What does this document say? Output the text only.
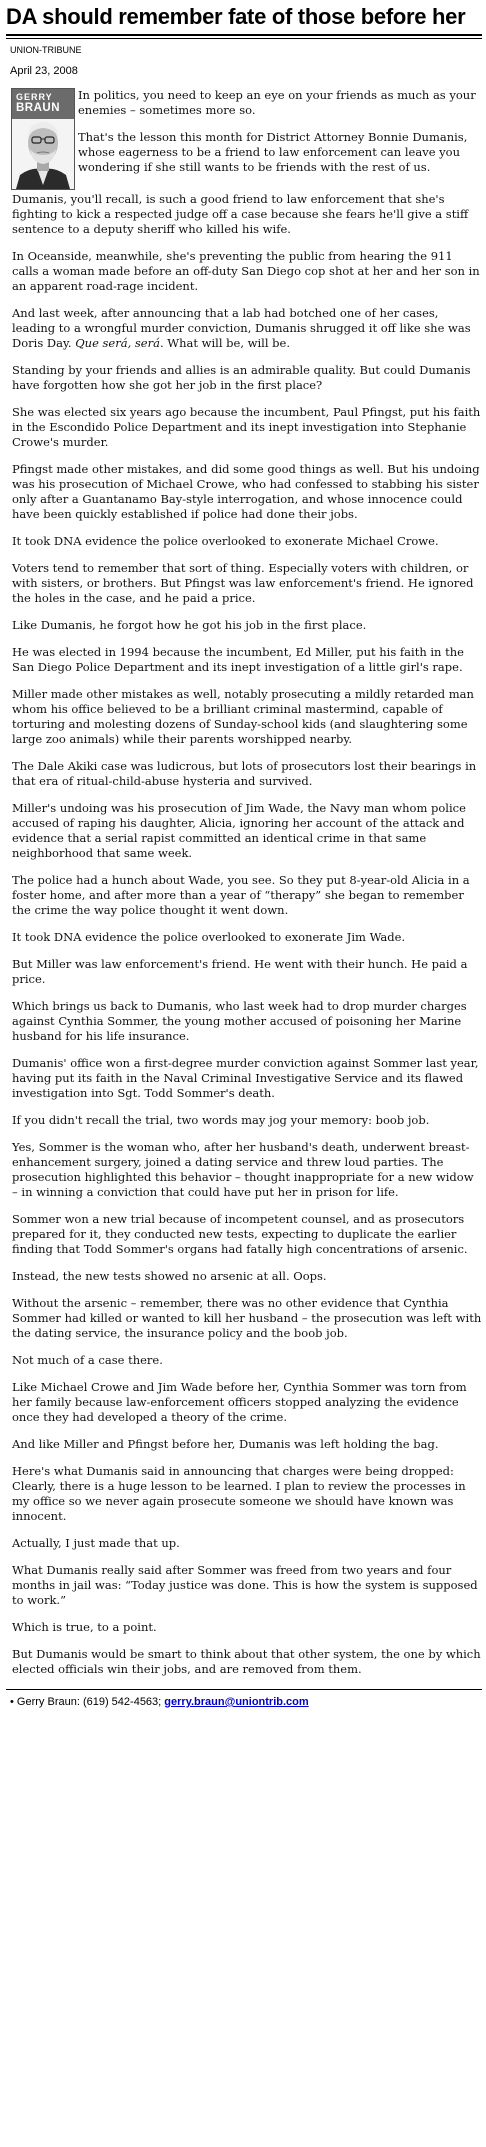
DA should remember fate of those before her
UNION-TRIBUNE
April 23, 2008
GERRY
BRAUN

In politics, you need to keep an eye on your friends as much as your enemies – sometimes more so.

That's the lesson this month for District Attorney Bonnie Dumanis, whose eagerness to be a friend to law enforcement can leave you wondering if she still wants to be friends with the rest of us.

Dumanis, you'll recall, is such a good friend to law enforcement that she's fighting to kick a respected judge off a case because she fears he'll give a stiff sentence to a deputy sheriff who killed his wife.

In Oceanside, meanwhile, she's preventing the public from hearing the 911 calls a woman made before an off-duty San Diego cop shot at her and her son in an apparent road-rage incident.

And last week, after announcing that a lab had botched one of her cases, leading to a wrongful murder conviction, Dumanis shrugged it off like she was Doris Day. Que será, será. What will be, will be.

Standing by your friends and allies is an admirable quality. But could Dumanis have forgotten how she got her job in the first place?

She was elected six years ago because the incumbent, Paul Pfingst, put his faith in the Escondido Police Department and its inept investigation into Stephanie Crowe's murder.

Pfingst made other mistakes, and did some good things as well. But his undoing was his prosecution of Michael Crowe, who had confessed to stabbing his sister only after a Guantanamo Bay-style interrogation, and whose innocence could have been quickly established if police had done their jobs.

It took DNA evidence the police overlooked to exonerate Michael Crowe.

Voters tend to remember that sort of thing. Especially voters with children, or with sisters, or brothers. But Pfingst was law enforcement's friend. He ignored the holes in the case, and he paid a price.

Like Dumanis, he forgot how he got his job in the first place.

He was elected in 1994 because the incumbent, Ed Miller, put his faith in the San Diego Police Department and its inept investigation of a little girl's rape.

Miller made other mistakes as well, notably prosecuting a mildly retarded man whom his office believed to be a brilliant criminal mastermind, capable of torturing and molesting dozens of Sunday-school kids (and slaughtering some large zoo animals) while their parents worshipped nearby.

The Dale Akiki case was ludicrous, but lots of prosecutors lost their bearings in that era of ritual-child-abuse hysteria and survived.

Miller's undoing was his prosecution of Jim Wade, the Navy man whom police accused of raping his daughter, Alicia, ignoring her account of the attack and evidence that a serial rapist committed an identical crime in that same neighborhood that same week.

The police had a hunch about Wade, you see. So they put 8-year-old Alicia in a foster home, and after more than a year of “therapy” she began to remember the crime the way police thought it went down.

It took DNA evidence the police overlooked to exonerate Jim Wade.

But Miller was law enforcement's friend. He went with their hunch. He paid a price.

Which brings us back to Dumanis, who last week had to drop murder charges against Cynthia Sommer, the young mother accused of poisoning her Marine husband for his life insurance.

Dumanis' office won a first-degree murder conviction against Sommer last year, having put its faith in the Naval Criminal Investigative Service and its flawed investigation into Sgt. Todd Sommer's death.

If you didn't recall the trial, two words may jog your memory: boob job.

Yes, Sommer is the woman who, after her husband's death, underwent breast-enhancement surgery, joined a dating service and threw loud parties. The prosecution highlighted this behavior – thought inappropriate for a new widow – in winning a conviction that could have put her in prison for life.

Sommer won a new trial because of incompetent counsel, and as prosecutors prepared for it, they conducted new tests, expecting to duplicate the earlier finding that Todd Sommer's organs had fatally high concentrations of arsenic.

Instead, the new tests showed no arsenic at all. Oops.

Without the arsenic – remember, there was no other evidence that Cynthia Sommer had killed or wanted to kill her husband – the prosecution was left with the dating service, the insurance policy and the boob job.

Not much of a case there.

Like Michael Crowe and Jim Wade before her, Cynthia Sommer was torn from her family because law-enforcement officers stopped analyzing the evidence once they had developed a theory of the crime.

And like Miller and Pfingst before her, Dumanis was left holding the bag.

Here's what Dumanis said in announcing that charges were being dropped: Clearly, there is a huge lesson to be learned. I plan to review the processes in my office so we never again prosecute someone we should have known was innocent.

Actually, I just made that up.

What Dumanis really said after Sommer was freed from two years and four months in jail was: “Today justice was done. This is how the system is supposed to work.”

Which is true, to a point.

But Dumanis would be smart to think about that other system, the one by which elected officials win their jobs, and are removed from them.

• Gerry Braun: (619) 542-4563; gerry.braun@uniontrib.com
